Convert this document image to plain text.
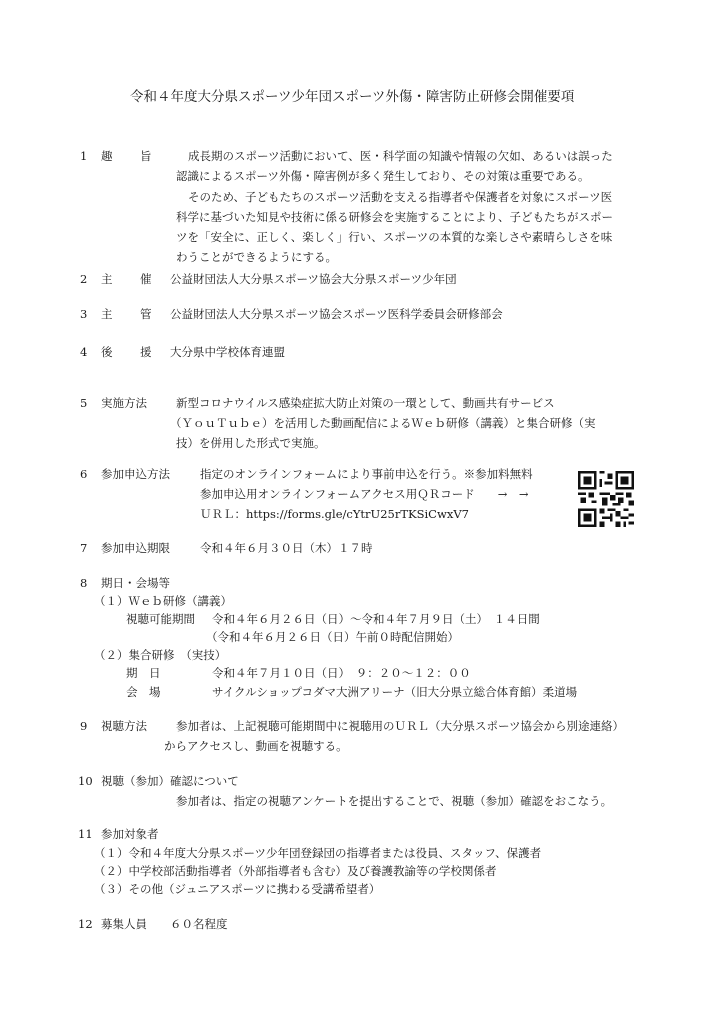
令和４年度大分県スポーツ少年団スポーツ外傷・障害防止研修会開催要項
1 趣 旨	成長期のスポーツ活動において、医・科学面の知識や情報の欠如、あるいは誤った
認識によるスポーツ外傷・障害例が多く発生しており、その対策は重要である。
そのため、子どもたちのスポーツ活動を支える指導者や保護者を対象にスポーツ医
科学に基づいた知見や技術に係る研修会を実施することにより、子どもたちがスポー
ツを「安全に、正しく、楽しく」行い、スポーツの本質的な楽しさや素晴らしさを味
わうことができるようにする。
2 主 催 公益財団法人大分県スポーツ協会大分県スポーツ少年団
3 主 管 公益財団法人大分県スポーツ協会スポーツ医科学委員会研修部会
4 後 援 大分県中学校体育連盟
5 実施方法	新型コロナウイルス感染症拡大防止対策の一環として、動画共有サービス
（ＹｏｕＴｕｂｅ）を活用した動画配信によるＷｅｂ研修（講義）と集合研修（実
技）を併用した形式で実施。
6 参加申込方法	指定のオンラインフォームにより事前申込を行う。※参加料無料
参加申込用オンラインフォームアクセス用ＱＲコード　　→　→
ＵＲＬ：https://forms.gle/cYtrU25rTKSiCwxV7
7 参加申込期限	令和４年６月３０日（木）１７時
8 期日・会場等
（１）Ｗｅｂ研修（講義）
視聴可能期間 令和４年６月２６日（日）～令和４年７月９日（土）　１４日間
（令和４年６月２６日（日）午前０時配信開始）
（２）集合研修　（実技）
期　日	令和４年７月１０日（日）　９：２０～１２：００
会　場	サイクルショップコダマ大洲アリーナ（旧大分県立総合体育館）柔道場
9 視聴方法	参加者は、上記視聴可能期間中に視聴用のＵＲＬ（大分県スポーツ協会から別途連絡）
からアクセスし、動画を視聴する。
10 視聴（参加）確認について
参加者は、指定の視聴アンケートを提出することで、視聴（参加）確認をおこなう。
11 参加対象者
（１）令和４年度大分県スポーツ少年団登録団の指導者または役員、スタッフ、保護者
（２）中学校部活動指導者（外部指導者も含む）及び養護教諭等の学校関係者
（３）その他（ジュニアスポーツに携わる受講希望者）
12 募集人員 ６０名程度
